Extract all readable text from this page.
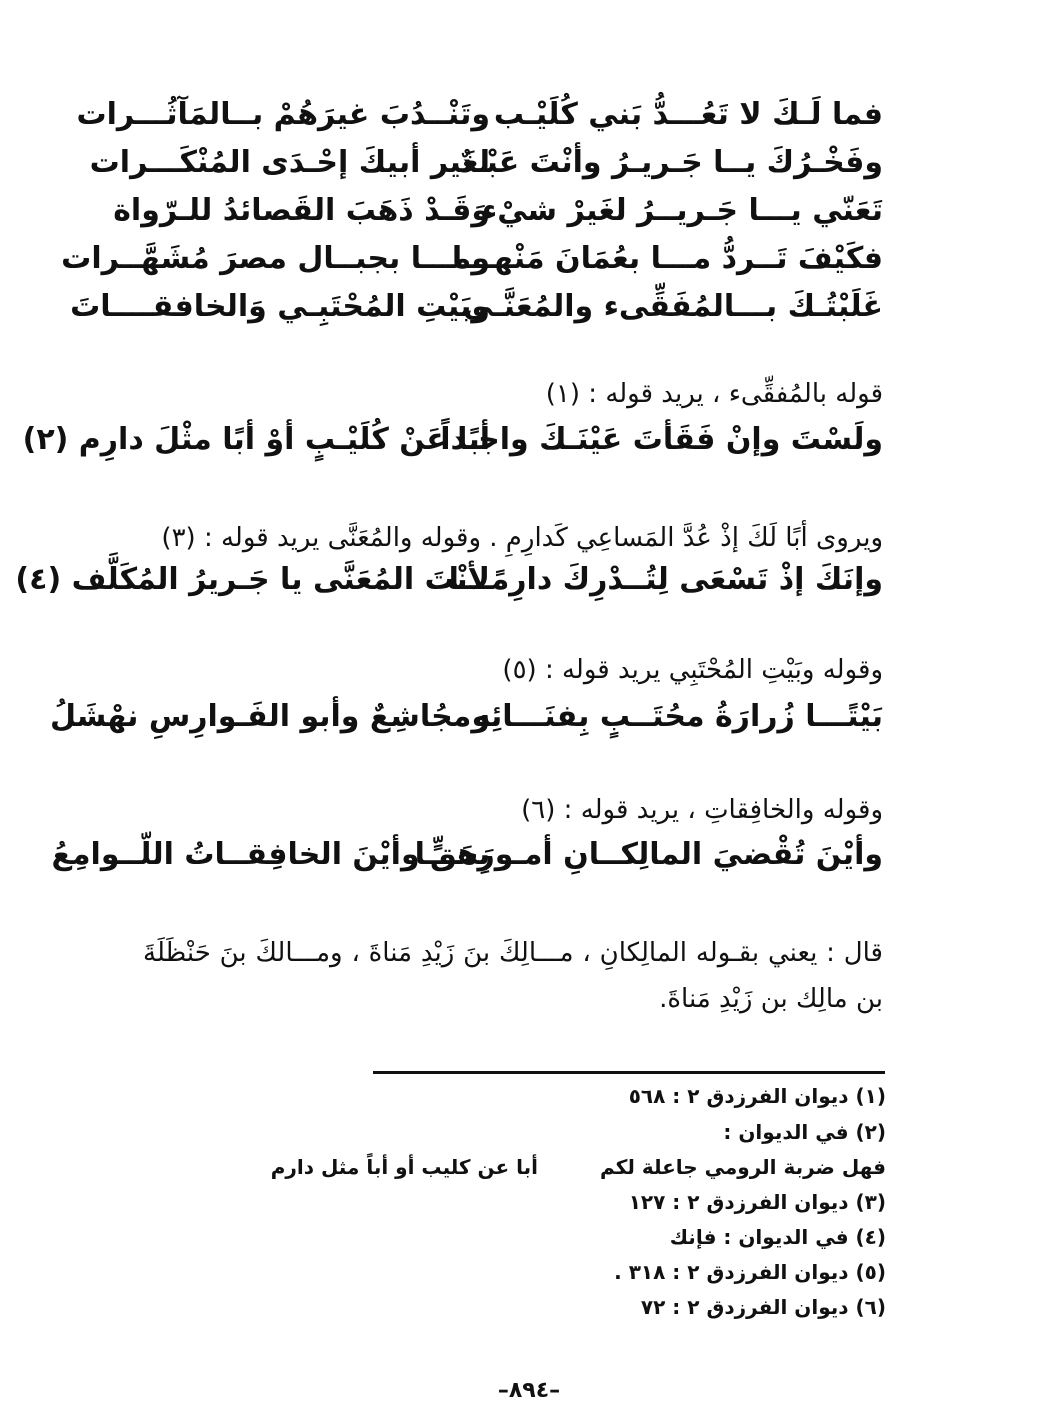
فما لَـكَ لا تَعُـــدُّ بَني كُلَيْـب
وتَنْــدُبَ غيرَهُمْ بــالمَآثُـــرات
وفَخْـرُكَ يــا جَـريـرُ وأنْتَ عَبْـدٌ
لغَير أبيكَ إحْـدَى المُنْكَـــرات
تَعَنّي يـــا جَـريــرُ لغَيرْ شيْء
وَقَـدْ ذَهَبَ القَصائدُ للـرّواة
فكَيْفَ تَــردُّ مـــا بعُمَانَ مَنْهـــا
ومـــا بجبــال مصرَ مُشَهَّــرات
غَلَبْتُـكَ بـــالمُفَقِّىء والمُعَنَّـى
وبَيْتِ المُحْتَبِـي وَالخافقــــاتَ
قوله بالمُفقِّىء ، يريد قوله : (١)
ولَسْتَ وإنْ فَقَأتَ عَيْنَـكَ واجـداً
أبًا عَنْ كُلَيْـبٍ أوْ أبًا مثْلَ دارِم (٢)
ويروى أبًا لَكَ إذْ عُدَّ المَساعِي كَدارِمِ . وقوله والمُعَنَّى يريد قوله : (٣)
وإنَكَ إذْ تَسْعَى لِتُــدْرِكَ دارِمًـــا
لأنْتَ المُعَنَّى يا جَـريرُ المُكَلَّف (٤)
وقوله وبَيْتِ المُحْتَبِي يريد قوله : (٥)
بَيْتًـــا زُرارَةُ محُتَــبٍ بِفنَـــائِه
ومجُاشِعٌ وأبو الفَـوارِسِ نهْشَلُ
وقوله والخافِقاتِ ، يريد قوله : (٦)
وأيْنَ تُقْضيَ المالِكــانِ أمـورَهـــا
بِحَقٍّ وأيْنَ الخافِقــاتُ اللّــوامِعُ
قال : يعني بقـوله المالِكانِ ، مـــالِكَ بنَ زَيْدِ مَناةَ ، ومـــالكَ بنَ حَنْظَلَةَ بن مالِك بن زَيْدِ مَناةَ.
(١) ديوان الفرزدق ٢ : ٥٦٨
(٢) في الديوان :
فهل ضربة الرومي جاعلة لكم
أبا عن كليب أو أباً مثل دارم
(٣) ديوان الفرزدق ٢ : ١٢٧
(٤) في الديوان : فإنك
(٥) ديوان الفرزدق ٢ : ٣١٨ .
(٦) ديوان الفرزدق ٢ : ٧٢
–٨٩٤–
